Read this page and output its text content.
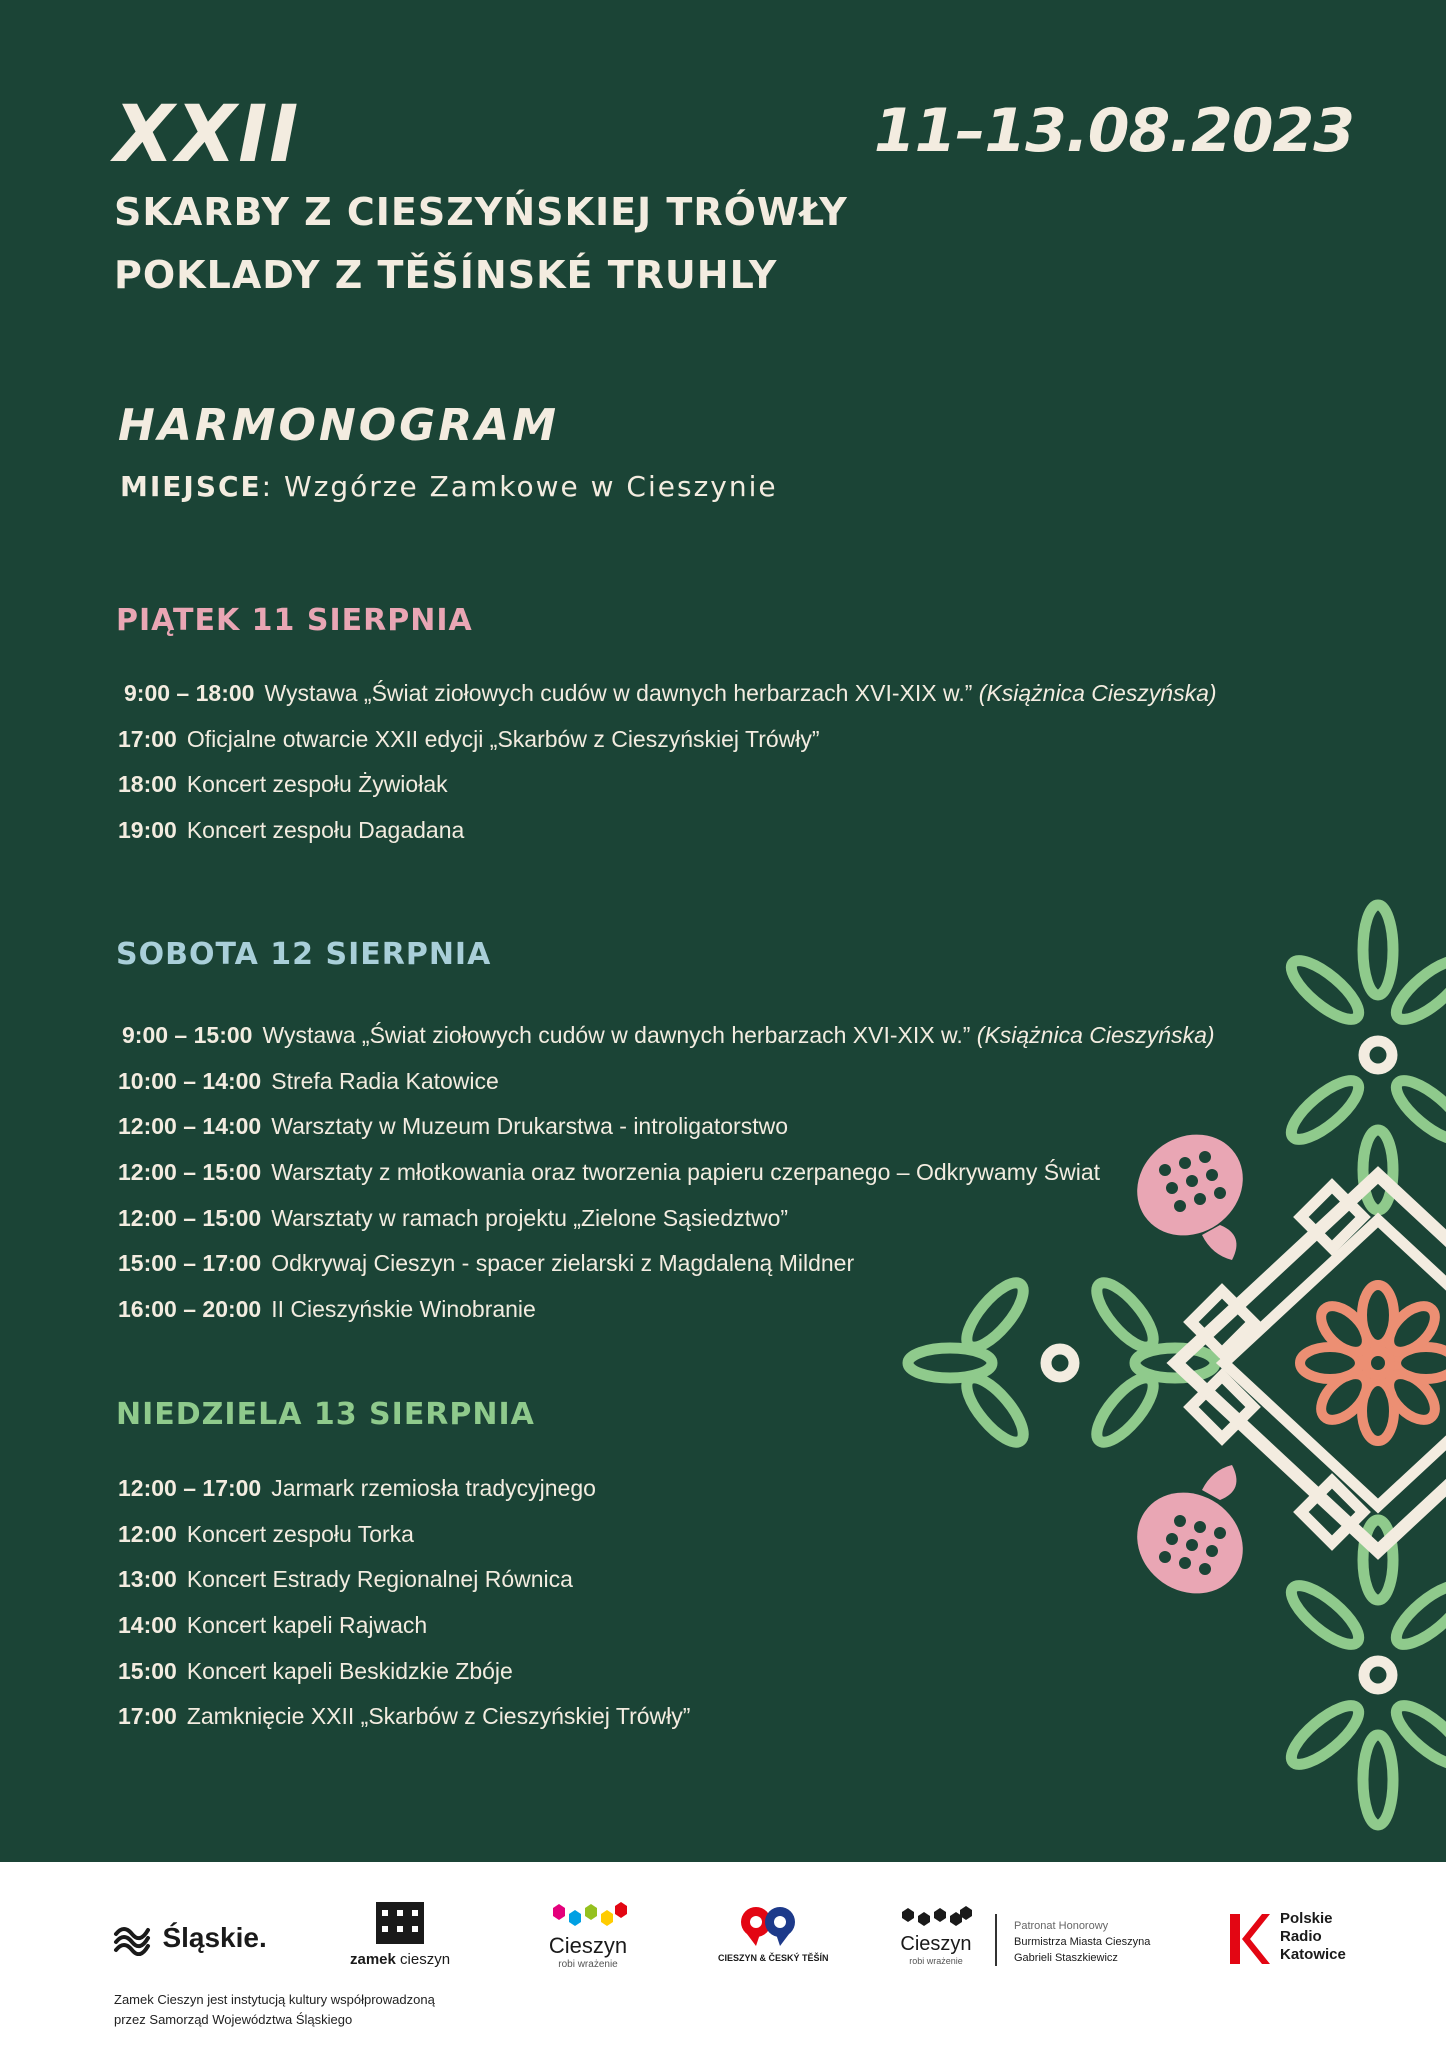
XXII	11–13.08.2023
SKARBY Z CIESZYŃSKIEJ TRÓWŁY
POKLADY Z TĚŠÍNSKÉ TRUHLY
HARMONOGRAM
MIEJSCE: Wzgórze Zamkowe w Cieszynie
PIĄTEK 11 SIERPNIA
9:00 – 18:00 Wystawa „Świat ziołowych cudów w dawnych herbarzach XVI-XIX w.” (Książnica Cieszyńska)
17:00 Oficjalne otwarcie XXII edycji „Skarbów z Cieszyńskiej Trówły”
18:00 Koncert zespołu Żywiołak
19:00 Koncert zespołu Dagadana
SOBOTA 12 SIERPNIA
9:00 – 15:00 Wystawa „Świat ziołowych cudów w dawnych herbarzach XVI-XIX w.” (Książnica Cieszyńska)
10:00 – 14:00 Strefa Radia Katowice
12:00 – 14:00 Warsztaty w Muzeum Drukarstwa - introligatorstwo
12:00 – 15:00 Warsztaty z młotkowania oraz tworzenia papieru czerpanego – Odkrywamy Świat
12:00 – 15:00 Warsztaty w ramach projektu „Zielone Sąsiedztwo”
15:00 – 17:00 Odkrywaj Cieszyn - spacer zielarski z Magdaleną Mildner
16:00 – 20:00 II Cieszyńskie Winobranie
NIEDZIELA 13 SIERPNIA
12:00 – 17:00 Jarmark rzemiosła tradycyjnego
12:00 Koncert zespołu Torka
13:00 Koncert Estrady Regionalnej Równica
14:00 Koncert kapeli Rajwach
15:00 Koncert kapeli Beskidzkie Zbóje
17:00 Zamknięcie XXII „Skarbów z Cieszyńskiej Trówły”
Śląskie.
zamek cieszyn
Cieszyn
robi wrażenie
CIESZYN & ČESKÝ TĚŠÍN
Cieszyn
robi wrażenie
Patronat Honorowy
Burmistrza Miasta Cieszyna
Gabrieli Staszkiewicz
Polskie
Radio
Katowice
Zamek Cieszyn jest instytucją kultury współprowadzoną
przez Samorząd Województwa Śląskiego
